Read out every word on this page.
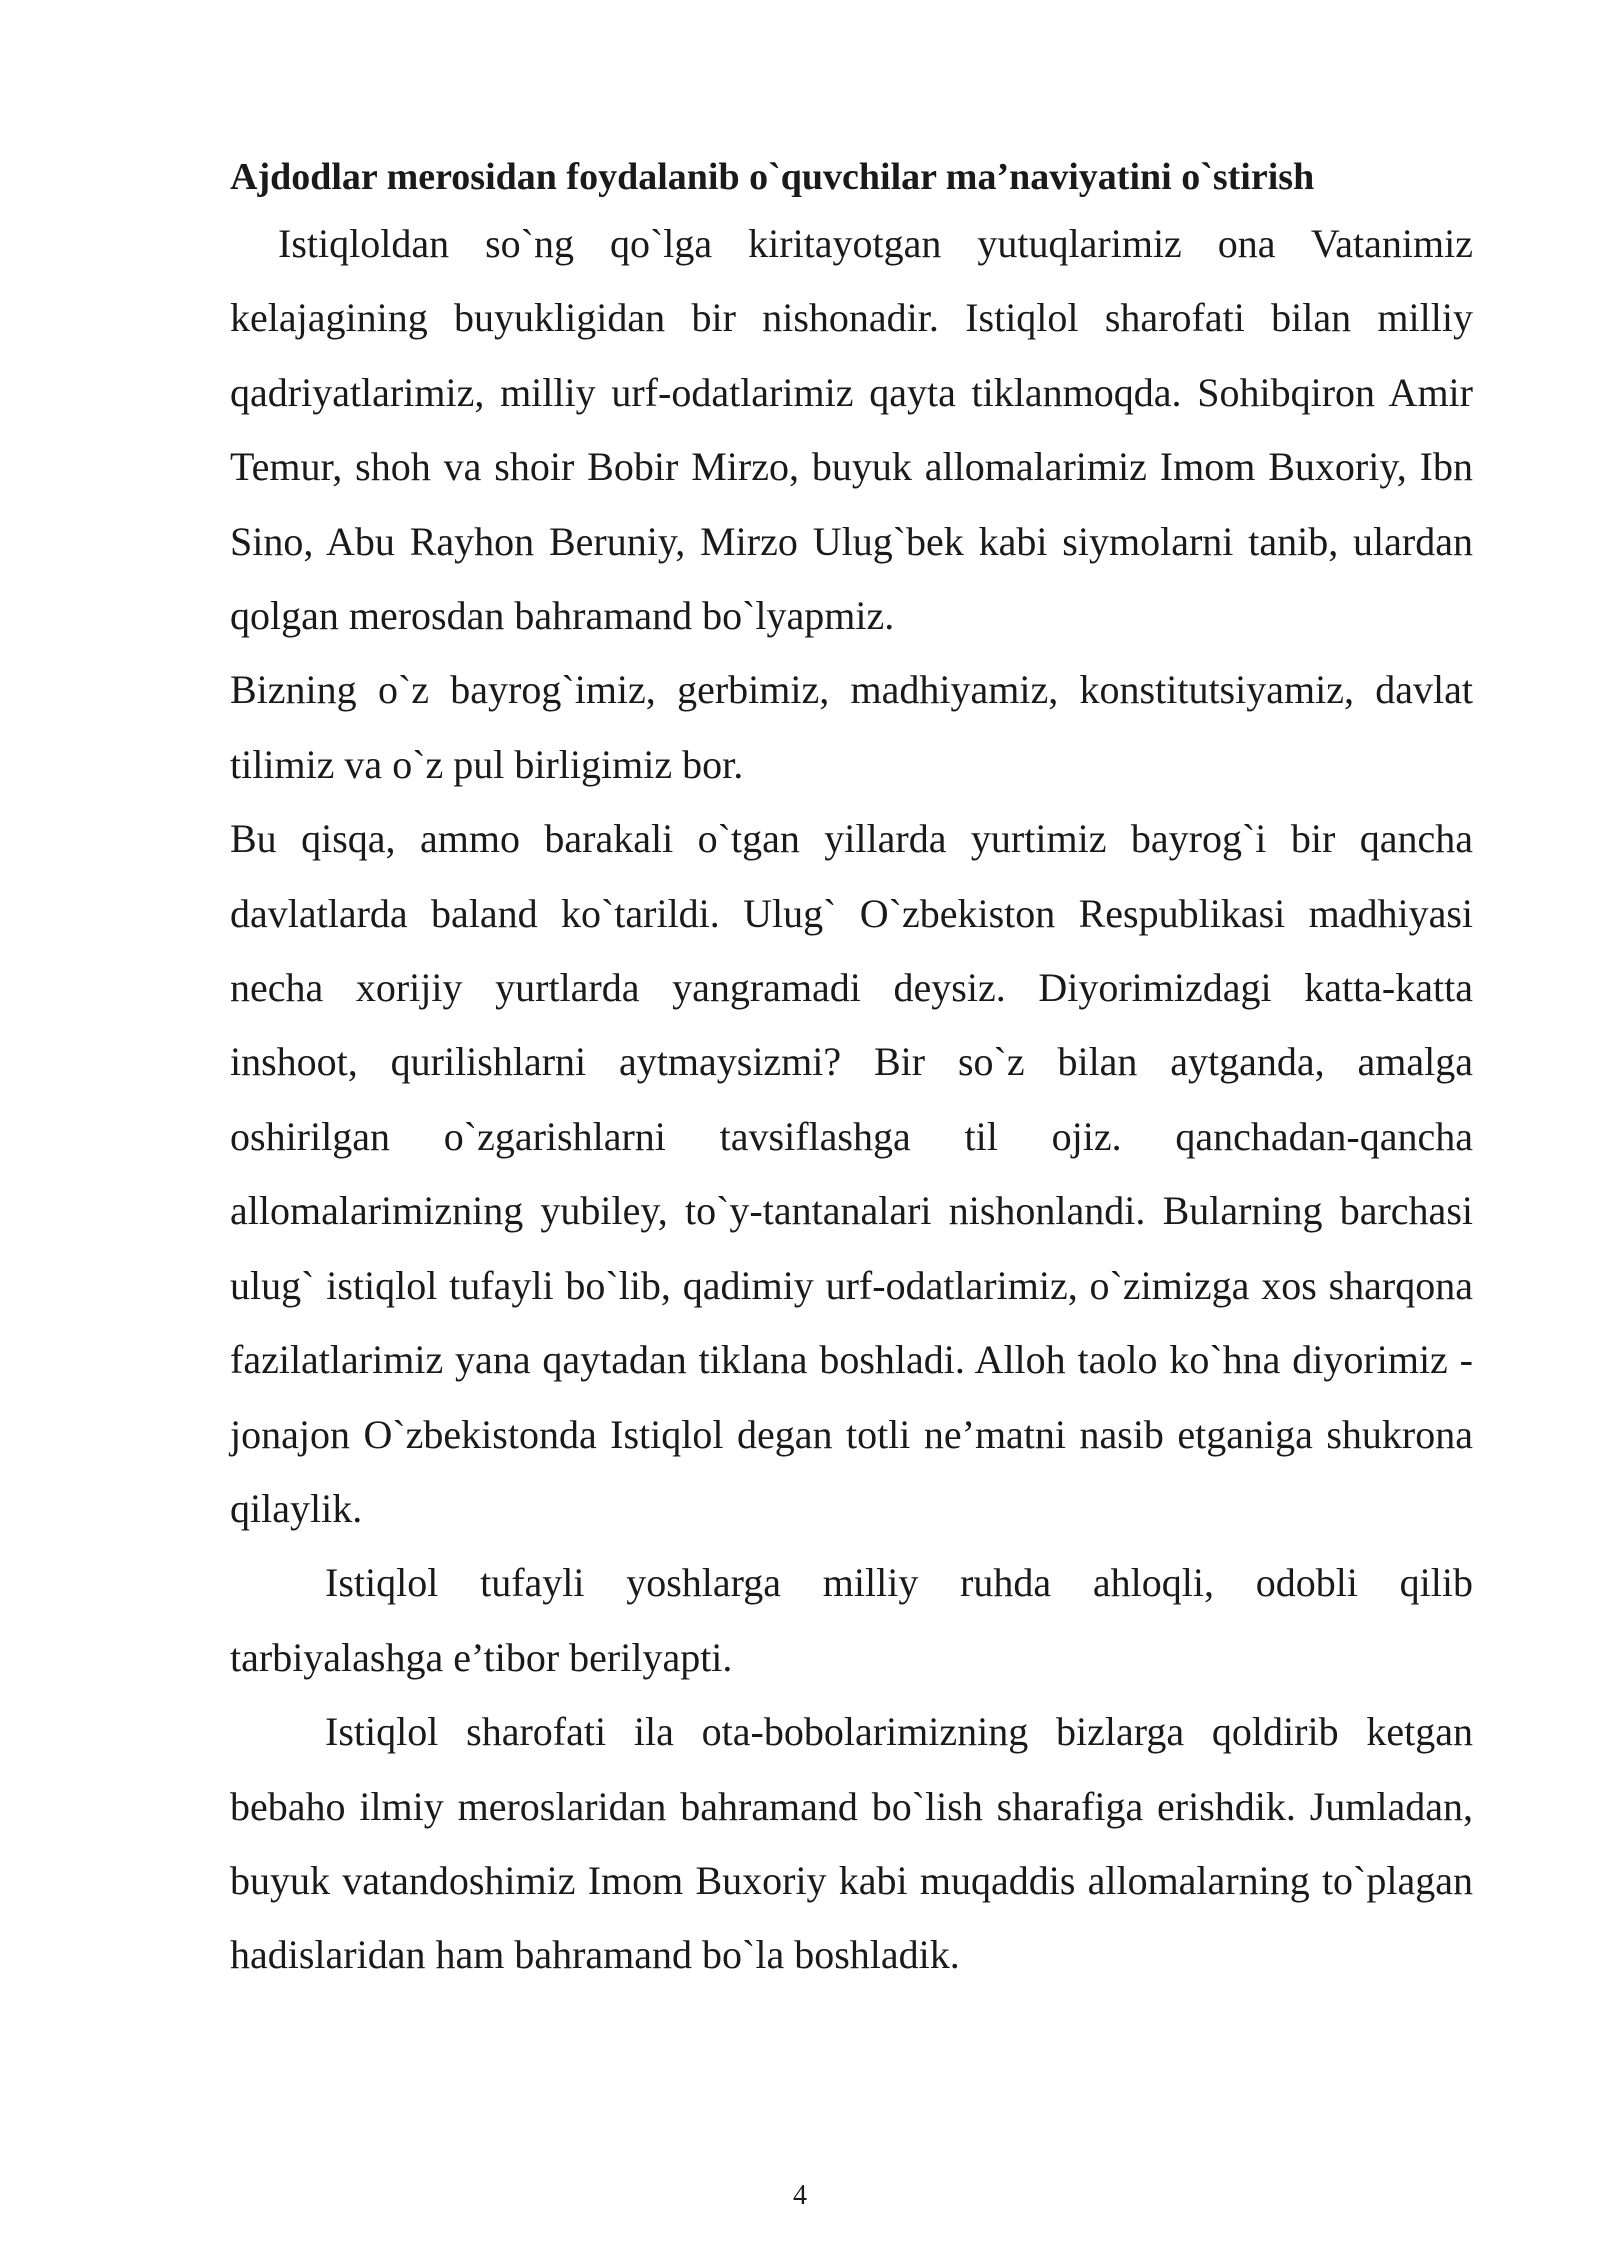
Ajdodlar merosidan foydalanib o`quvchilar ma’naviyatini o`stirish

Istiqloldan so`ng qo`lga kiritayotgan yutuqlarimiz ona Vatanimiz kelajagining buyukligidan bir nishonadir. Istiqlol sharofati bilan milliy qadriyatlarimiz, milliy urf-odatlarimiz qayta tiklanmoqda. Sohibqiron Amir Temur, shoh va shoir Bobir Mirzo, buyuk allomalarimiz Imom Buxoriy, Ibn Sino, Abu Rayhon Beruniy, Mirzo Ulug`bek kabi siymolarni tanib, ulardan qolgan merosdan bahramand bo`lyapmiz.

Bizning o`z bayrog`imiz, gerbimiz, madhiyamiz, konstitutsiyamiz, davlat tilimiz va o`z pul birligimiz bor.

Bu qisqa, ammo barakali o`tgan yillarda yurtimiz bayrog`i bir qancha davlatlarda baland ko`tarildi. Ulug` O`zbekiston Respublikasi madhiyasi necha xorijiy yurtlarda yangramadi deysiz. Diyorimizdagi katta-katta inshoot, qurilishlarni aytmaysizmi? Bir so`z bilan aytganda, amalga oshirilgan o`zgarishlarni tavsiflashga til ojiz. qanchadan-qancha allomalarimizning yubiley, to`y-tantanalari nishonlandi. Bularning barchasi ulug` istiqlol tufayli bo`lib, qadimiy urf-odatlarimiz, o`zimizga xos sharqona fazilatlarimiz yana qaytadan tiklana boshladi. Alloh taolo ko`hna diyorimiz - jonajon O`zbekistonda Istiqlol degan totli ne’matni nasib etganiga shukrona qilaylik.

Istiqlol tufayli yoshlarga milliy ruhda ahloqli, odobli qilib tarbiyalashga e’tibor berilyapti.

Istiqlol sharofati ila ota-bobolarimizning bizlarga qoldirib ketgan bebaho ilmiy meroslaridan bahramand bo`lish sharafiga erishdik. Jumladan, buyuk vatandoshimiz Imom Buxoriy kabi muqaddis allomalarning to`plagan hadislaridan ham bahramand bo`la boshladik.

4
